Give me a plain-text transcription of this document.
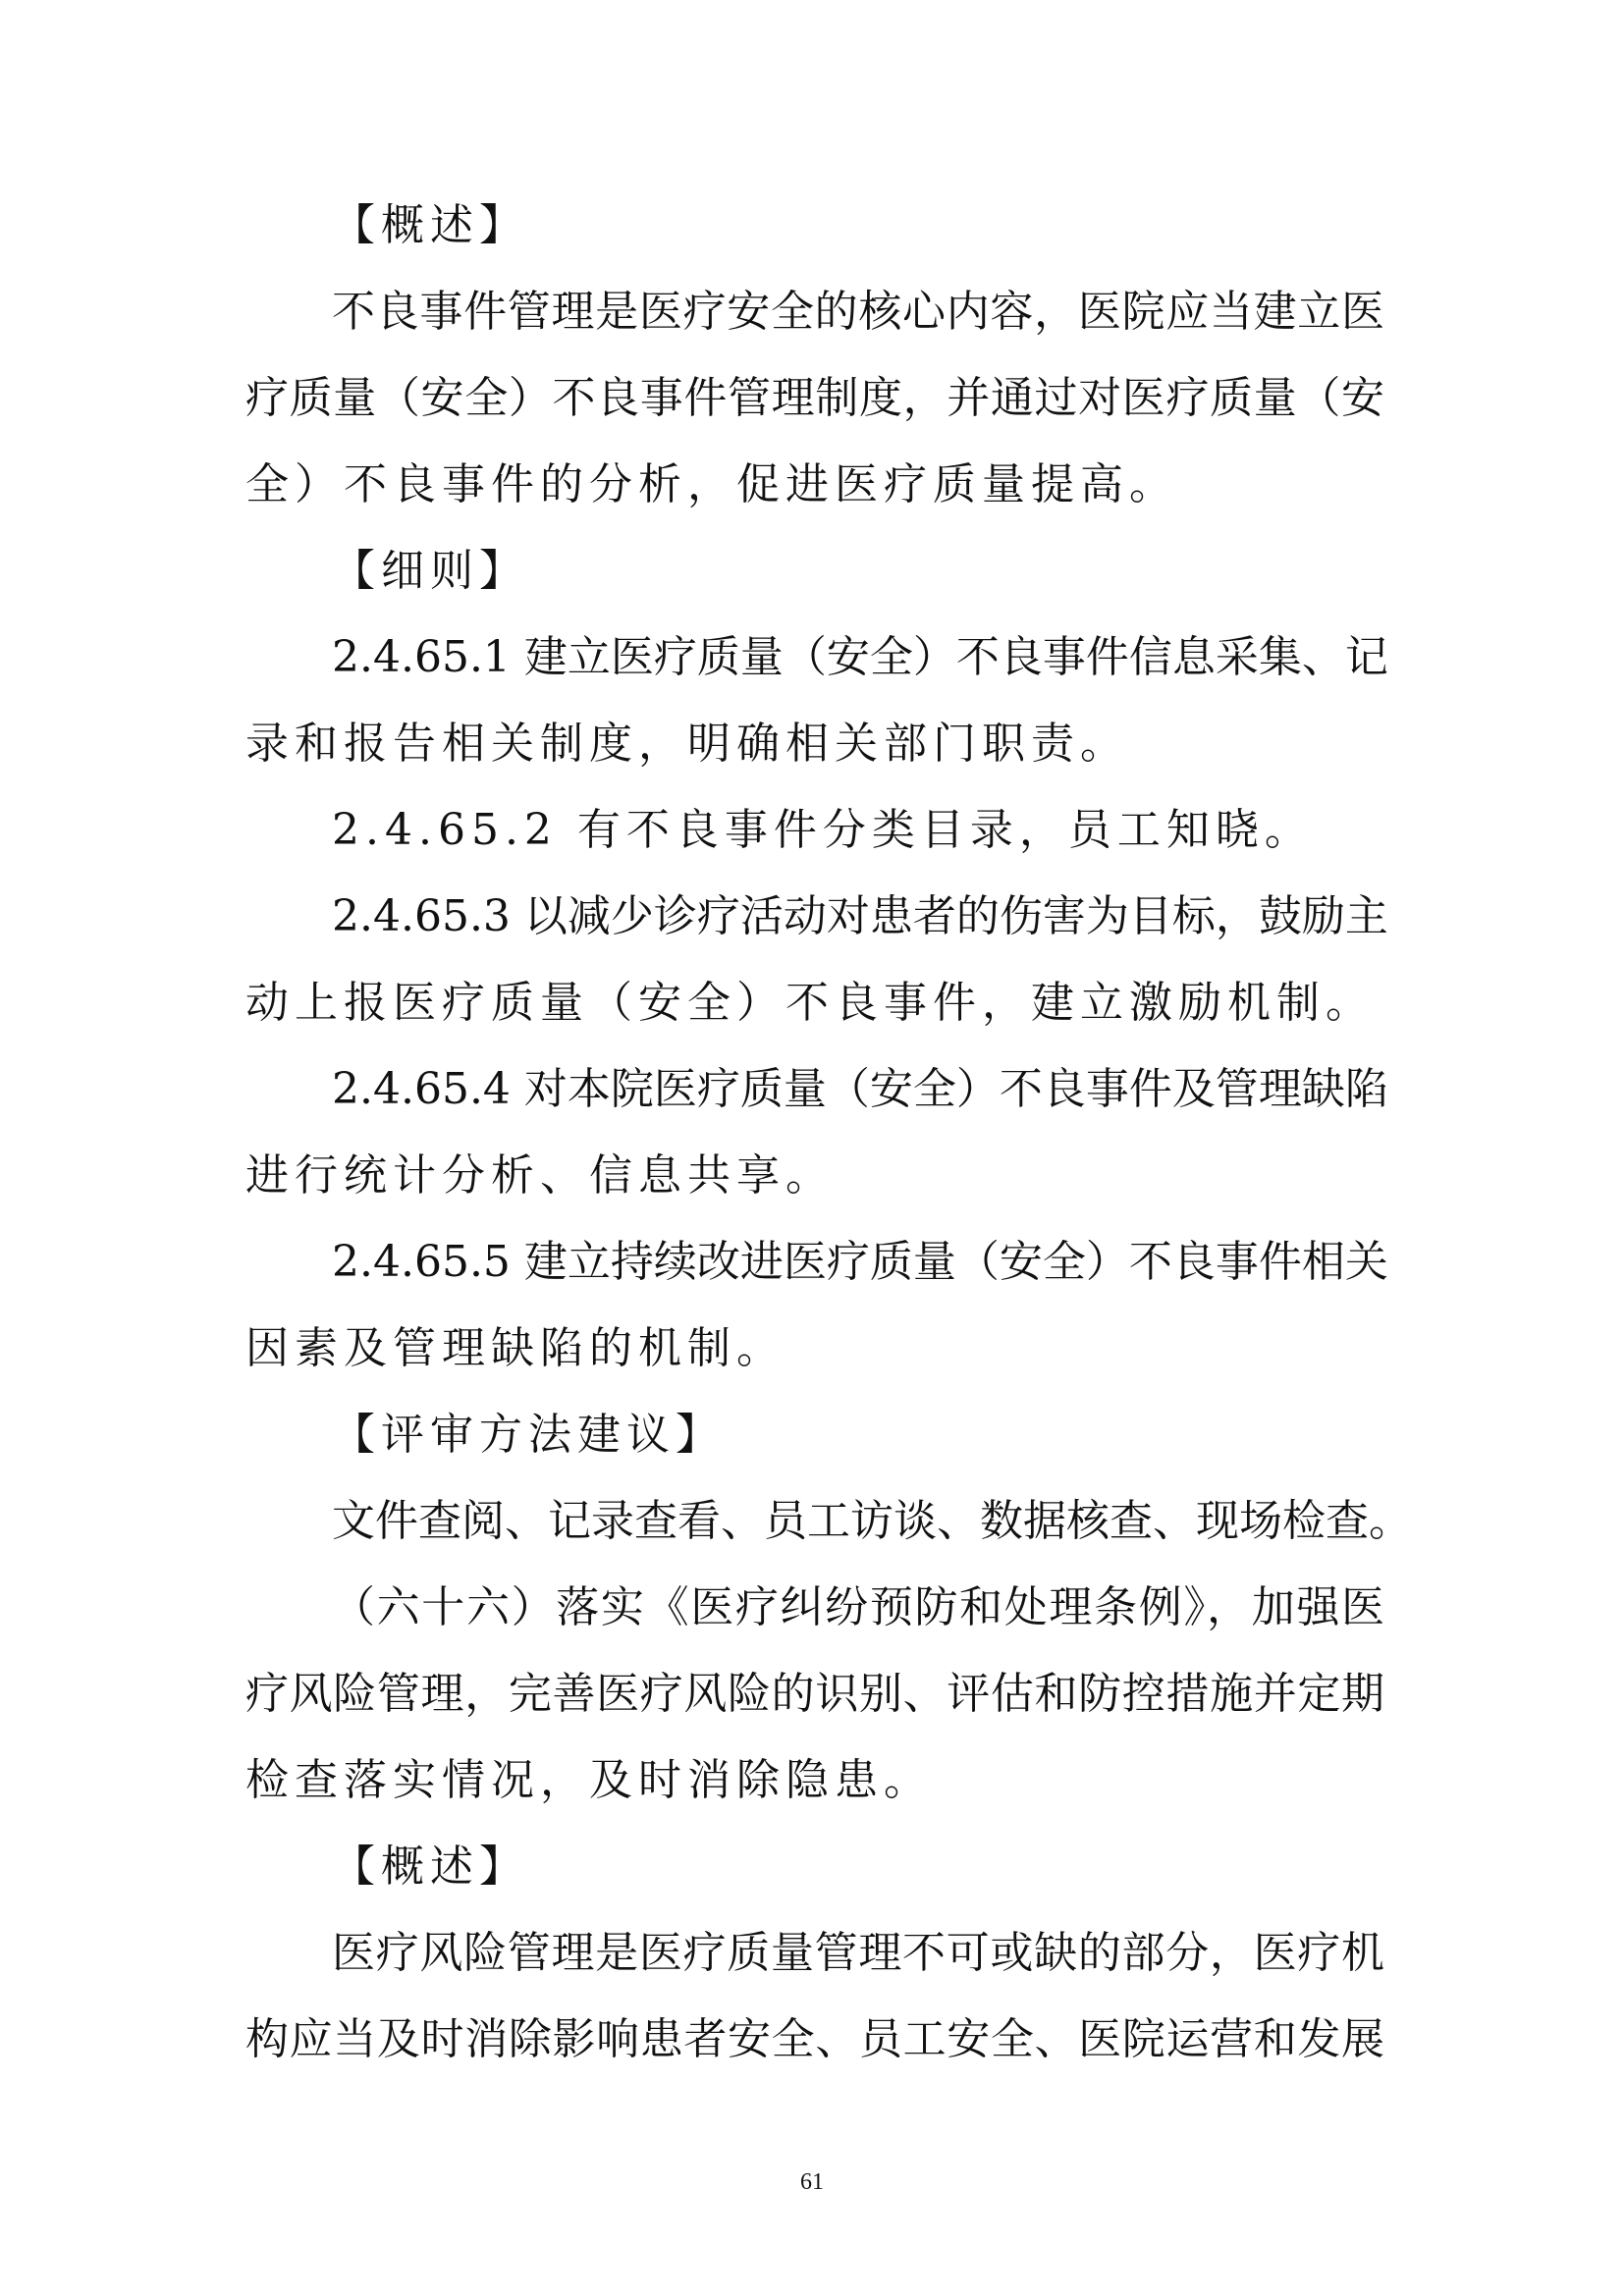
【概述】
不良事件管理是医疗安全的核心内容，医院应当建立医
疗质量（安全）不良事件管理制度，并通过对医疗质量（安
全）不良事件的分析，促进医疗质量提高。
【细则】
2.4.65.1 建立医疗质量（安全）不良事件信息采集、记
录和报告相关制度，明确相关部门职责。
2.4.65.2 有不良事件分类目录，员工知晓。
2.4.65.3 以减少诊疗活动对患者的伤害为目标，鼓励主
动上报医疗质量（安全）不良事件，建立激励机制。
2.4.65.4 对本院医疗质量（安全）不良事件及管理缺陷
进行统计分析、信息共享。
2.4.65.5 建立持续改进医疗质量（安全）不良事件相关
因素及管理缺陷的机制。
【评审方法建议】
文件查阅、记录查看、员工访谈、数据核查、现场检查。
（六十六）落实《医疗纠纷预防和处理条例》，加强医
疗风险管理，完善医疗风险的识别、评估和防控措施并定期
检查落实情况，及时消除隐患。
【概述】
医疗风险管理是医疗质量管理不可或缺的部分，医疗机
构应当及时消除影响患者安全、员工安全、医院运营和发展
61
